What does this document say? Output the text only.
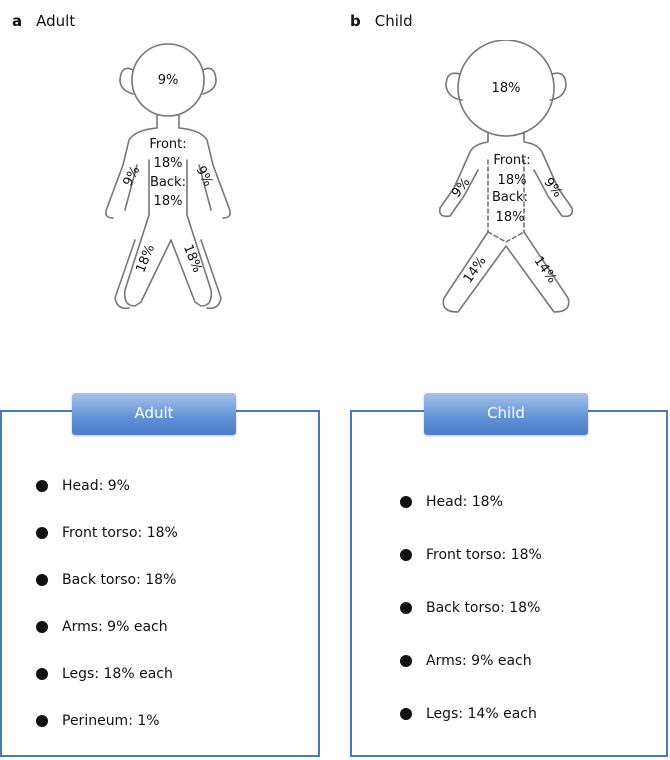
a Adult	b Child
9%
Front:
18%
Back:
18%
9%	9%
18% 18%
18%
Front:
18%
Back:
18%
9%	9%
14%	14%
Head: 9%
Front torso: 18%
Back torso: 18%
Arms: 9% each
Legs: 18% each
Perineum: 1%
Adult
Head: 18%
Front torso: 18%
Back torso: 18%
Arms: 9% each
Legs: 14% each
Child
